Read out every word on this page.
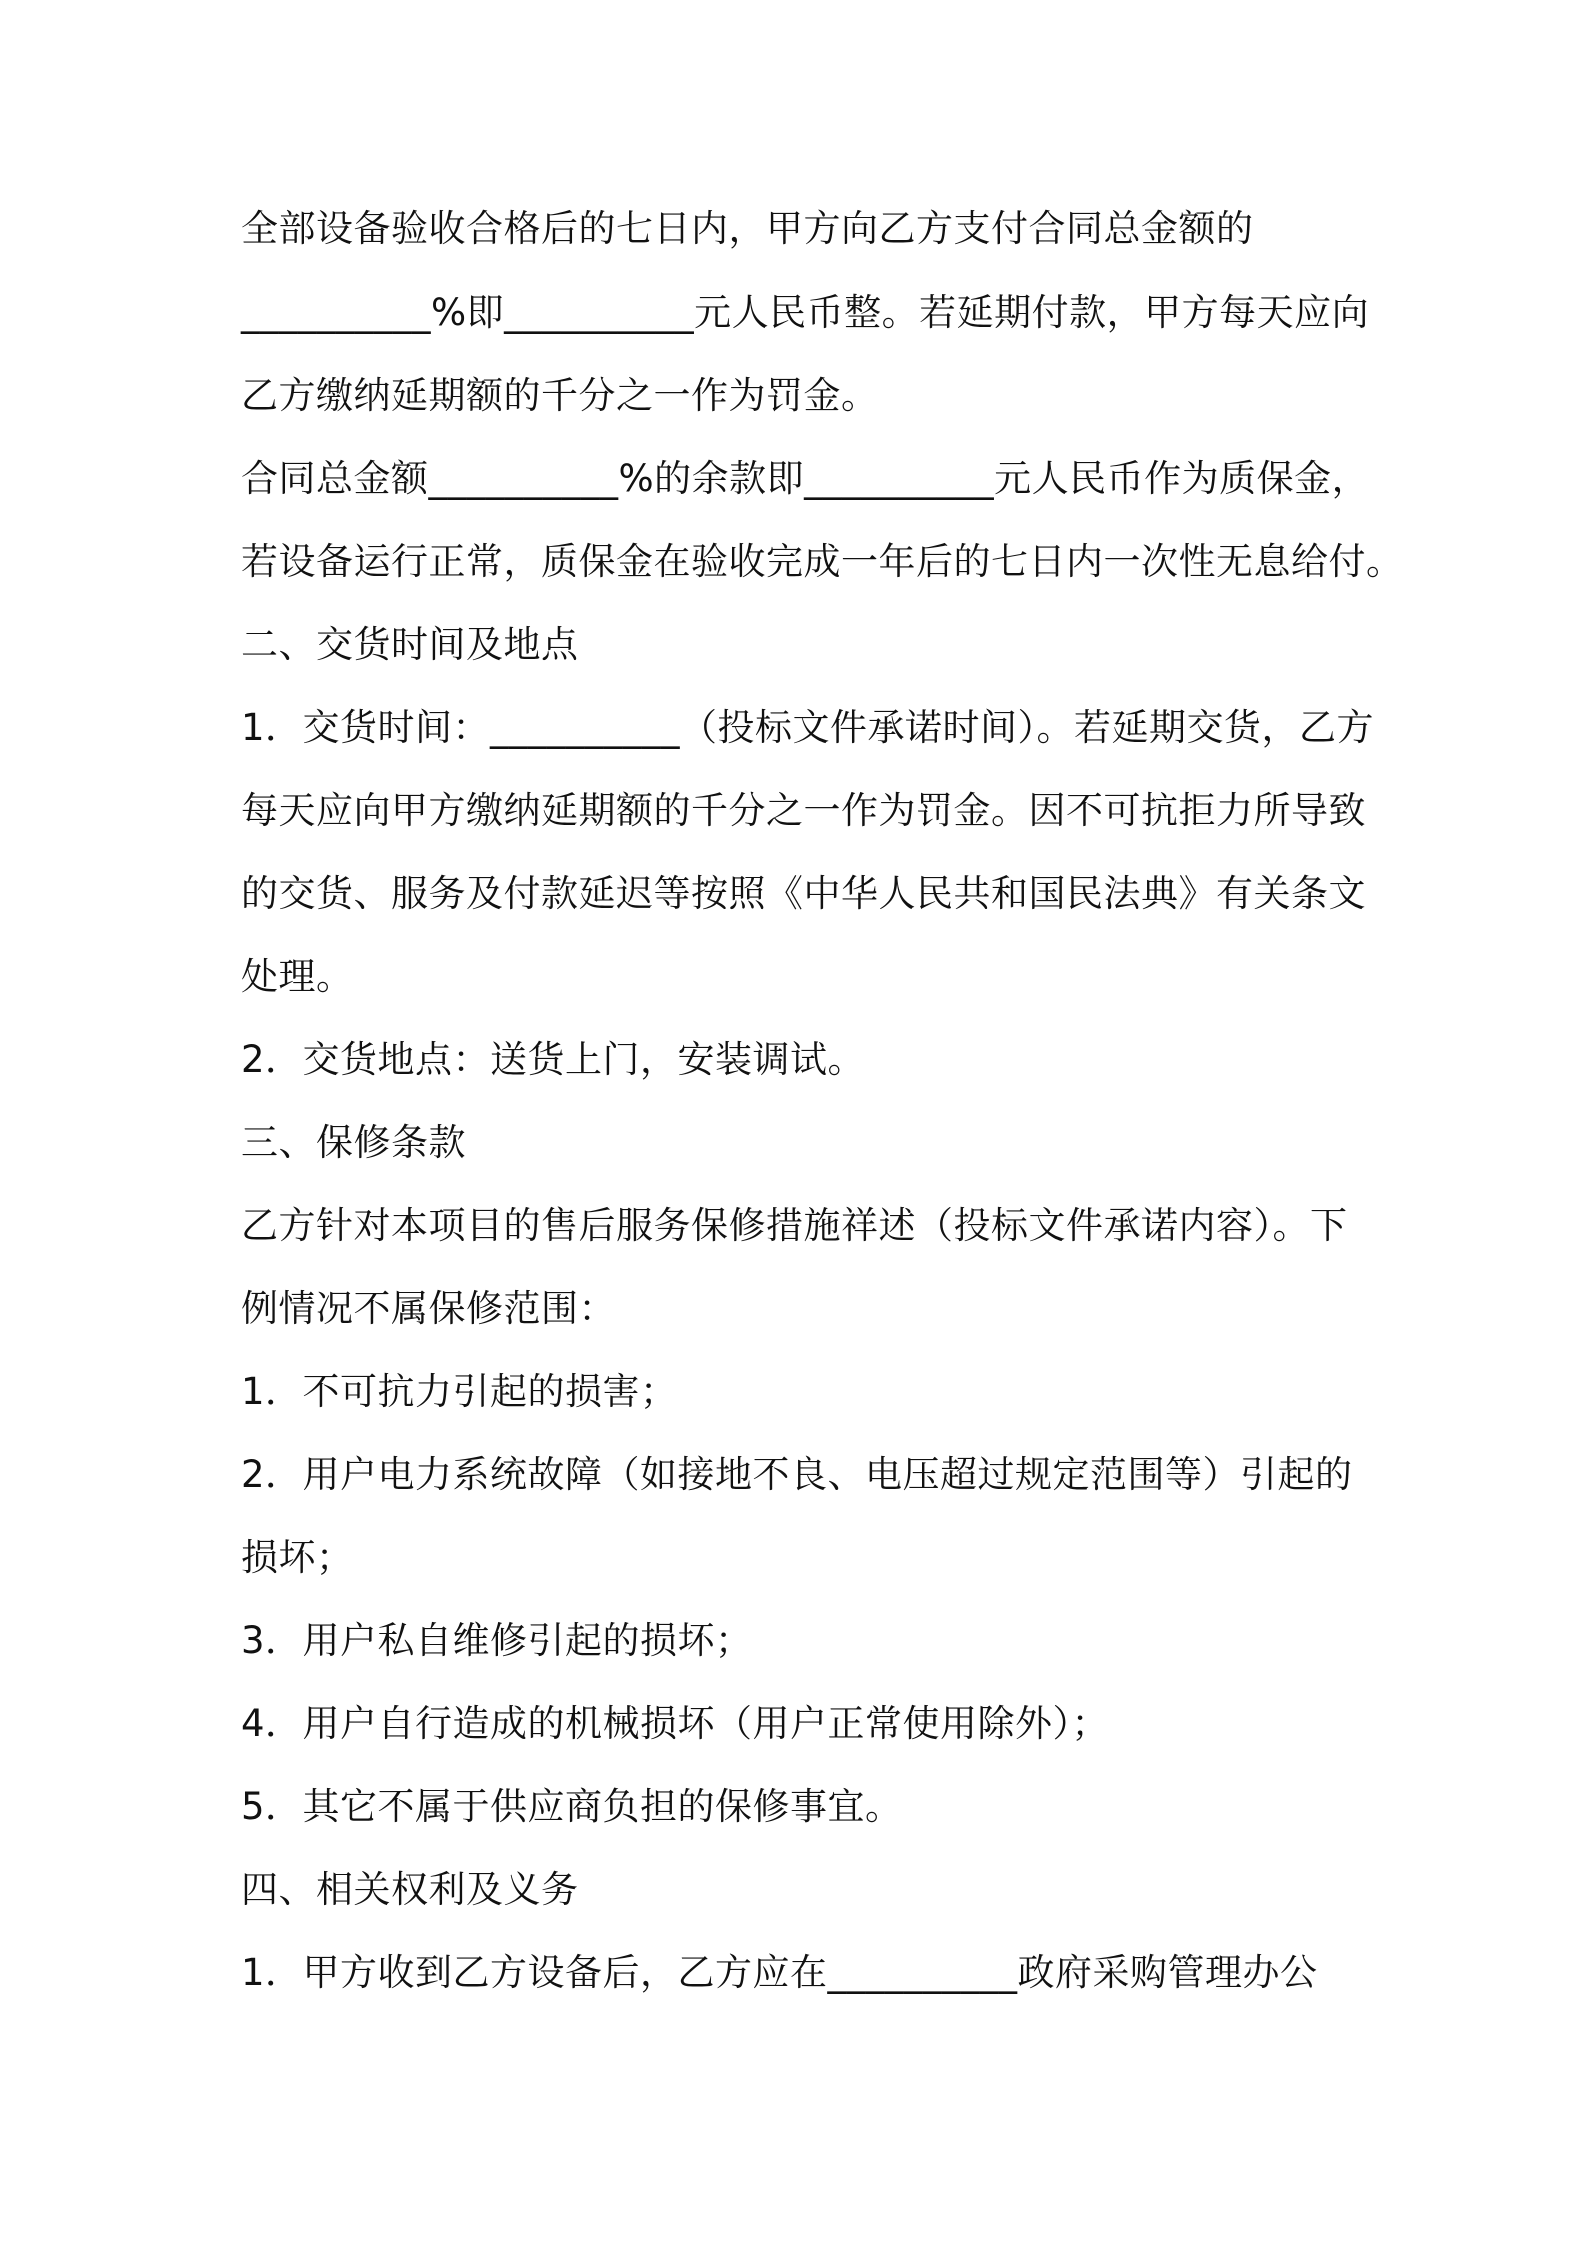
全部设备验收合格后的七日内，甲方向乙方支付合同总金额的
__________%即__________元人民币整。若延期付款，甲方每天应向
乙方缴纳延期额的千分之一作为罚金。
合同总金额__________%的余款即__________元人民币作为质保金，
若设备运行正常，质保金在验收完成一年后的七日内一次性无息给付。
二、交货时间及地点
1．交货时间：__________（投标文件承诺时间）。若延期交货，乙方
每天应向甲方缴纳延期额的千分之一作为罚金。因不可抗拒力所导致
的交货、服务及付款延迟等按照《中华人民共和国民法典》有关条文
处理。
2．交货地点：送货上门，安装调试。
三、保修条款
乙方针对本项目的售后服务保修措施祥述（投标文件承诺内容）。下
例情况不属保修范围：
1．不可抗力引起的损害；
2．用户电力系统故障（如接地不良、电压超过规定范围等）引起的
损坏；
3．用户私自维修引起的损坏；
4．用户自行造成的机械损坏（用户正常使用除外）；
5．其它不属于供应商负担的保修事宜。
四、相关权利及义务
1．甲方收到乙方设备后，乙方应在__________政府采购管理办公
